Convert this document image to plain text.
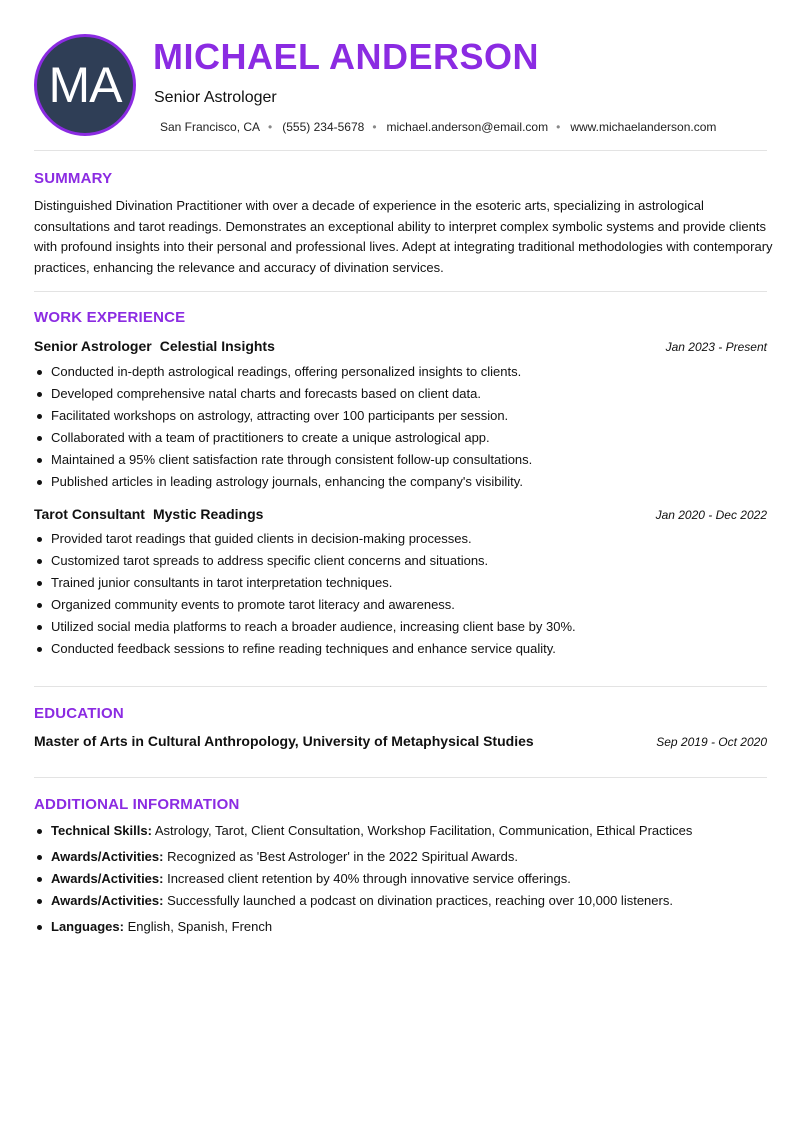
MA
MICHAEL ANDERSON
Senior Astrologer
San Francisco, CA • (555) 234-5678 • michael.anderson@email.com • www.michaelanderson.com
SUMMARY
Distinguished Divination Practitioner with over a decade of experience in the esoteric arts, specializing in astrological consultations and tarot readings. Demonstrates an exceptional ability to interpret complex symbolic systems and provide clients with profound insights into their personal and professional lives. Adept at integrating traditional methodologies with contemporary practices, enhancing the relevance and accuracy of divination services.
WORK EXPERIENCE
Senior Astrologer Celestial Insights	Jan 2023 - Present
Conducted in-depth astrological readings, offering personalized insights to clients.
Developed comprehensive natal charts and forecasts based on client data.
Facilitated workshops on astrology, attracting over 100 participants per session.
Collaborated with a team of practitioners to create a unique astrological app.
Maintained a 95% client satisfaction rate through consistent follow-up consultations.
Published articles in leading astrology journals, enhancing the company's visibility.
Tarot Consultant Mystic Readings	Jan 2020 - Dec 2022
Provided tarot readings that guided clients in decision-making processes.
Customized tarot spreads to address specific client concerns and situations.
Trained junior consultants in tarot interpretation techniques.
Organized community events to promote tarot literacy and awareness.
Utilized social media platforms to reach a broader audience, increasing client base by 30%.
Conducted feedback sessions to refine reading techniques and enhance service quality.
EDUCATION
Master of Arts in Cultural Anthropology, University of Metaphysical Studies	Sep 2019 - Oct 2020
ADDITIONAL INFORMATION
Technical Skills: Astrology, Tarot, Client Consultation, Workshop Facilitation, Communication, Ethical Practices
Awards/Activities: Recognized as 'Best Astrologer' in the 2022 Spiritual Awards.
Awards/Activities: Increased client retention by 40% through innovative service offerings.
Awards/Activities: Successfully launched a podcast on divination practices, reaching over 10,000 listeners.
Languages: English, Spanish, French
